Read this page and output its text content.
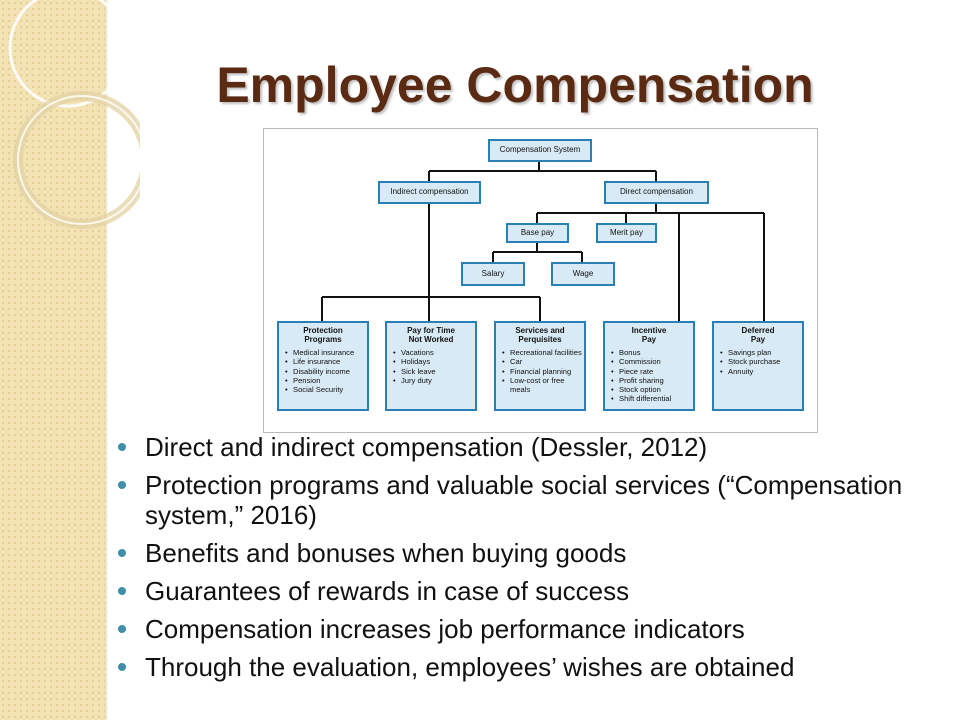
Employee Compensation
Compensation System
Indirect compensation	Direct compensation
Base pay	Merit pay
Salary	Wage
Protection
Programs
• Medical insurance
• Life insurance
• Disability income
• Pension
• Social Security
Pay for Time
Not Worked
• Vacations
• Holidays
• Sick leave
• Jury duty
Services and
Perquisites
• Recreational facilities
• Car
• Financial planning
• Low-cost or free meals
Incentive
Pay
• Bonus
• Commission
• Piece rate
• Profit sharing
• Stock option
• Shift differential
Deferred
Pay
• Savings plan
• Stock purchase
• Annuity
Direct and indirect compensation (Dessler, 2012)
Protection programs and valuable social services (“Compensation system,” 2016)
Benefits and bonuses when buying goods
Guarantees of rewards in case of success
Compensation increases job performance indicators
Through the evaluation, employees’ wishes are obtained
